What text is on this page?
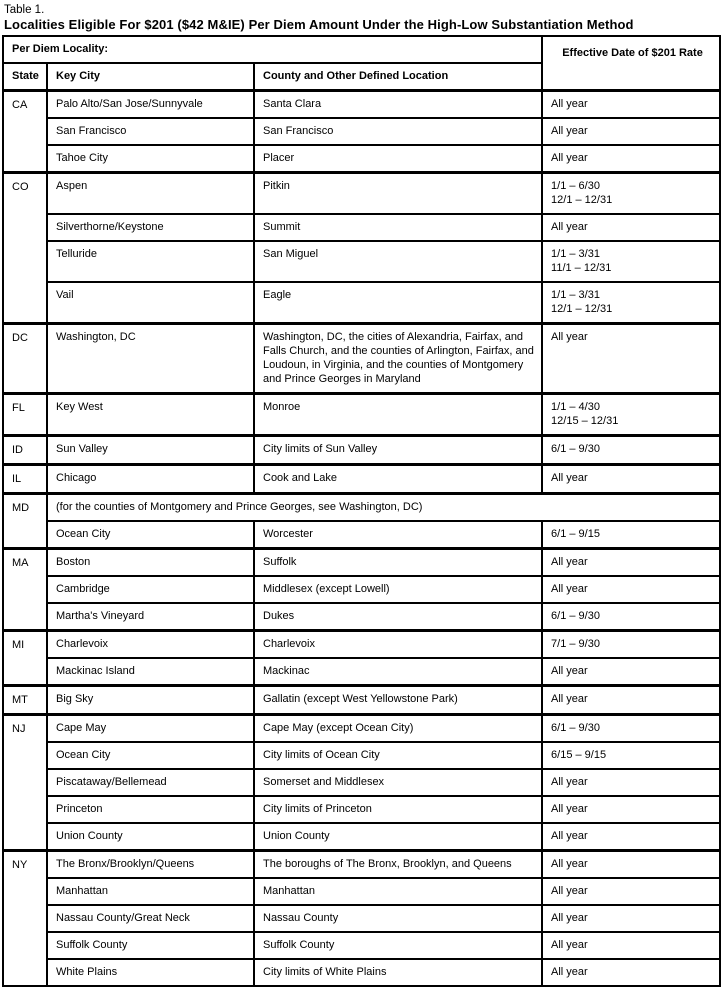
Table 1.
Localities Eligible For $201 ($42 M&IE) Per Diem Amount Under the High-Low Substantiation Method
Per Diem Locality:			Effective Date of $201 Rate
State	Key City	County and Other Defined Location	
CA	Palo Alto/San Jose/Sunnyvale	Santa Clara	All year

	San Francisco	San Francisco	All year

	Tahoe City	Placer	All year

CO	Aspen	Pitkin	1/1 – 6/30
12/1 – 12/31

	Silverthorne/Keystone	Summit	All year

	Telluride	San Miguel	1/1 – 3/31
11/1 – 12/31

	Vail	Eagle	1/1 – 3/31
12/1 – 12/31

DC	Washington, DC	Washington, DC, the cities of Alexandria, Fairfax, and Falls Church, and the counties of Arlington, Fairfax, and Loudoun, in Virginia, and the counties of Montgomery and Prince Georges in Maryland	All year

FL	Key West	Monroe	1/1 – 4/30
12/15 – 12/31

ID	Sun Valley	City limits of Sun Valley	6/1 – 9/30

IL	Chicago	Cook and Lake	All year

MD	(for the counties of Montgomery and Prince Georges, see Washington, DC)		
	Ocean City	Worcester	6/1 – 9/15

MA	Boston	Suffolk	All year

	Cambridge	Middlesex (except Lowell)	All year

	Martha's Vineyard	Dukes	6/1 – 9/30

MI	Charlevoix	Charlevoix	7/1 – 9/30

	Mackinac Island	Mackinac	All year

MT	Big Sky	Gallatin (except West Yellowstone Park)	All year

NJ	Cape May	Cape May (except Ocean City)	6/1 – 9/30

	Ocean City	City limits of Ocean City	6/15 – 9/15

	Piscataway/Bellemead	Somerset and Middlesex	All year

	Princeton	City limits of Princeton	All year

	Union County	Union County	All year

NY	The Bronx/Brooklyn/Queens	The boroughs of The Bronx, Brooklyn, and Queens	All year

	Manhattan	Manhattan	All year

	Nassau County/Great Neck	Nassau County	All year

	Suffolk County	Suffolk County	All year

	White Plains	City limits of White Plains	All year
